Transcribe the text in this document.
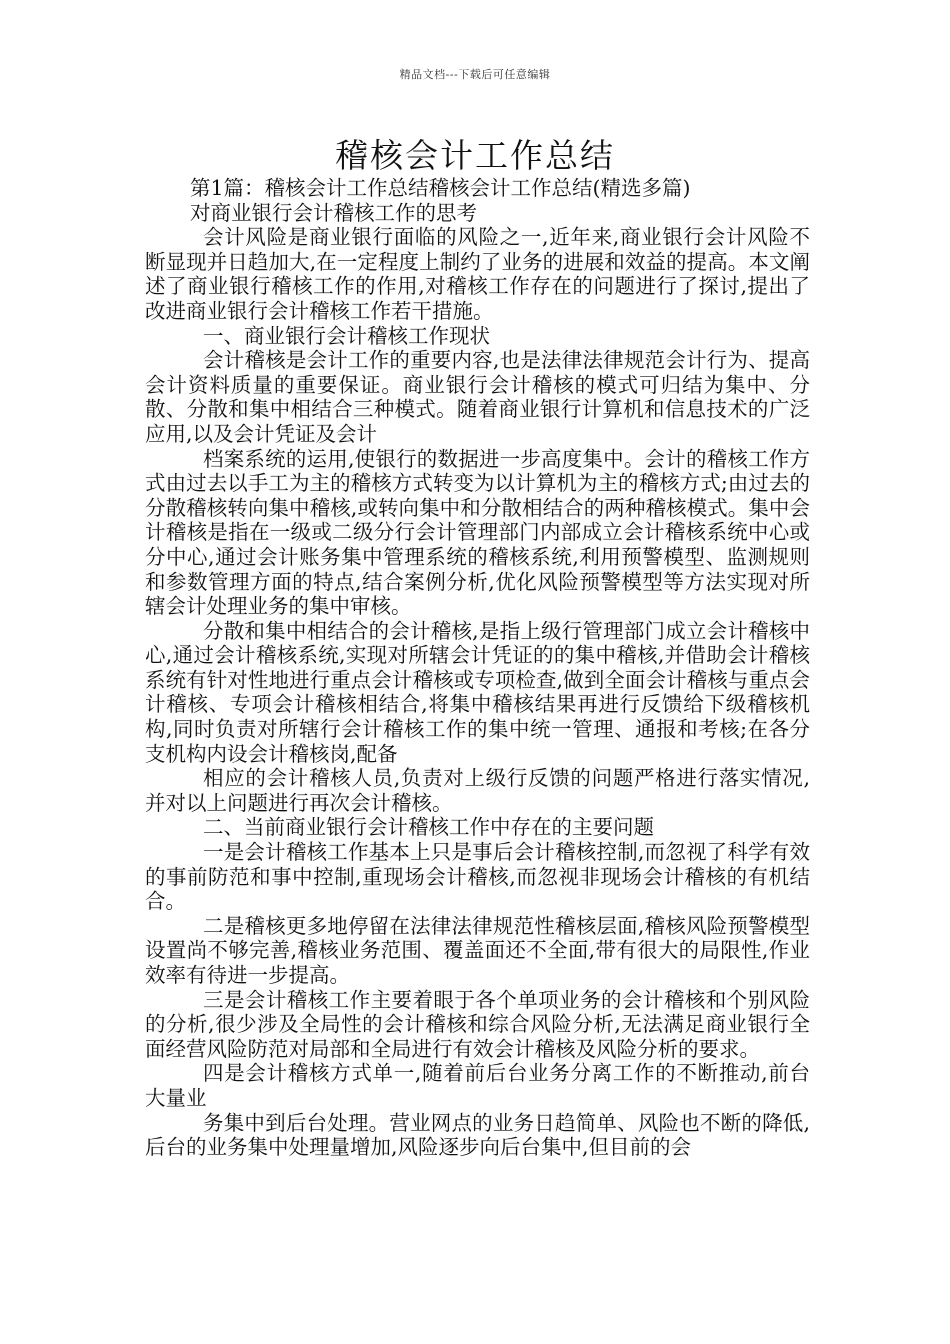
精品文档---下载后可任意编辑
稽核会计工作总结

第1篇：稽核会计工作总结稽核会计工作总结(精选多篇)

对商业银行会计稽核工作的思考

会计风险是商业银行面临的风险之一,近年来,商业银行会计风险不断显现并日趋加大,在一定程度上制约了业务的进展和效益的提高。本文阐述了商业银行稽核工作的作用,对稽核工作存在的问题进行了探讨,提出了改进商业银行会计稽核工作若干措施。

一、商业银行会计稽核工作现状

会计稽核是会计工作的重要内容,也是法律法律规范会计行为、提高会计资料质量的重要保证。商业银行会计稽核的模式可归结为集中、分散、分散和集中相结合三种模式。随着商业银行计算机和信息技术的广泛应用,以及会计凭证及会计

档案系统的运用,使银行的数据进一步高度集中。会计的稽核工作方式由过去以手工为主的稽核方式转变为以计算机为主的稽核方式;由过去的分散稽核转向集中稽核,或转向集中和分散相结合的两种稽核模式。集中会计稽核是指在一级或二级分行会计管理部门内部成立会计稽核系统中心或分中心,通过会计账务集中管理系统的稽核系统,利用预警模型、监测规则和参数管理方面的特点,结合案例分析,优化风险预警模型等方法实现对所辖会计处理业务的集中审核。

分散和集中相结合的会计稽核,是指上级行管理部门成立会计稽核中心,通过会计稽核系统,实现对所辖会计凭证的的集中稽核,并借助会计稽核系统有针对性地进行重点会计稽核或专项检查,做到全面会计稽核与重点会计稽核、专项会计稽核相结合,将集中稽核结果再进行反馈给下级稽核机构,同时负责对所辖行会计稽核工作的集中统一管理、通报和考核;在各分支机构内设会计稽核岗,配备

相应的会计稽核人员,负责对上级行反馈的问题严格进行落实情况,并对以上问题进行再次会计稽核。

二、当前商业银行会计稽核工作中存在的主要问题

一是会计稽核工作基本上只是事后会计稽核控制,而忽视了科学有效的事前防范和事中控制,重现场会计稽核,而忽视非现场会计稽核的有机结合。

二是稽核更多地停留在法律法律规范性稽核层面,稽核风险预警模型设置尚不够完善,稽核业务范围、覆盖面还不全面,带有很大的局限性,作业效率有待进一步提高。

三是会计稽核工作主要着眼于各个单项业务的会计稽核和个别风险的分析,很少涉及全局性的会计稽核和综合风险分析,无法满足商业银行全面经营风险防范对局部和全局进行有效会计稽核及风险分析的要求。

四是会计稽核方式单一,随着前后台业务分离工作的不断推动,前台大量业

务集中到后台处理。营业网点的业务日趋简单、风险也不断的降低,后台的业务集中处理量增加,风险逐步向后台集中,但目前的会
